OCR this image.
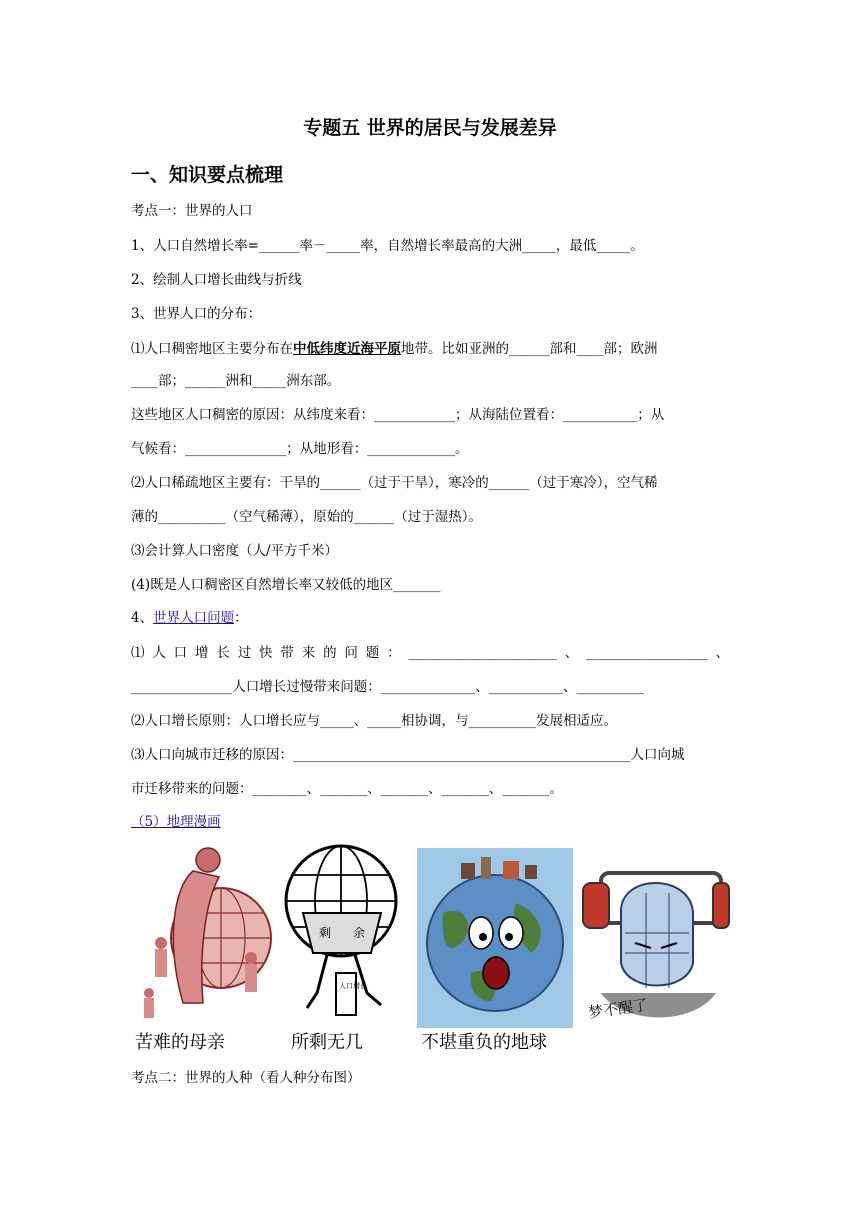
专题五 世界的居民与发展差异
一、知识要点梳理
考点一：世界的人口
1、人口自然增长率=______率－_____率，自然增长率最高的大洲_____，最低_____。
2、绘制人口增长曲线与折线
3、世界人口的分布：
⑴人口稠密地区主要分布在中低纬度近海平原地带。比如亚洲的______部和____部；欧洲
____部；______洲和_____洲东部。
这些地区人口稠密的原因：从纬度来看：____________；从海陆位置看：___________；从
气候看：_______________；从地形看：_____________。
⑵人口稀疏地区主要有：干旱的______（过于干旱），寒冷的______（过于寒冷），空气稀
薄的__________（空气稀薄），原始的______（过于湿热）。
⑶会计算人口密度（人/平方千米）
(4)既是人口稠密区自然增长率又较低的地区_______
4、世界人口问题：
⑴人口增长过快带来的问题：______________________、__________________、
_______________人口增长过慢带来问题：______________、___________、__________
⑵人口增长原则：人口增长应与_____、_____相协调，与__________发展相适应。
⑶人口向城市迁移的原因：__________________________________________________人口向城
市迁移带来的问题：________、_______、_______、_______、_______。
（5）地理漫画
苦难的母亲
剩 余
人口增长
所剩无几	不堪重负的地球
梦不醒了
考点二：世界的人种（看人种分布图）
